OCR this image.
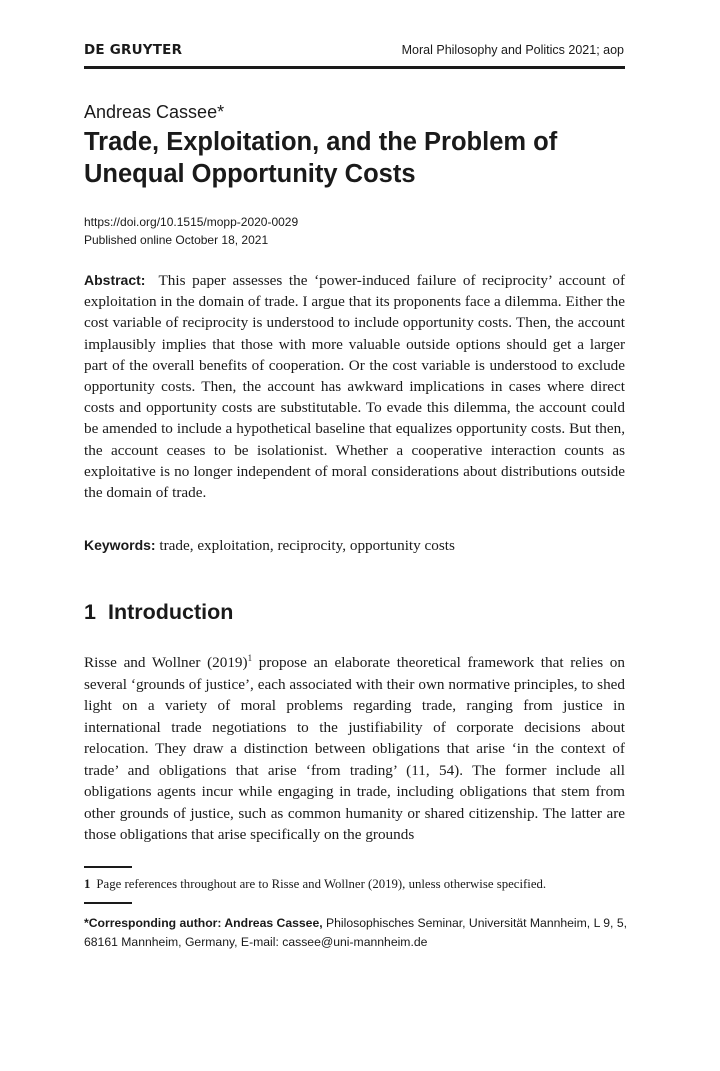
DE GRUYTER	Moral Philosophy and Politics 2021; aop
Andreas Cassee*
Trade, Exploitation, and the Problem of Unequal Opportunity Costs
https://doi.org/10.1515/mopp-2020-0029
Published online October 18, 2021
Abstract: This paper assesses the ‘power-induced failure of reciprocity’ account of exploitation in the domain of trade. I argue that its proponents face a dilemma. Either the cost variable of reciprocity is understood to include opportunity costs. Then, the account implausibly implies that those with more valuable outside options should get a larger part of the overall benefits of cooperation. Or the cost variable is understood to exclude opportunity costs. Then, the account has awkward implications in cases where direct costs and opportunity costs are substitutable. To evade this dilemma, the account could be amended to include a hypothetical baseline that equalizes opportunity costs. But then, the account ceases to be isolationist. Whether a cooperative interaction counts as exploitative is no longer independent of moral considerations about distributions outside the domain of trade.
Keywords: trade, exploitation, reciprocity, opportunity costs
1 Introduction
Risse and Wollner $(2019)^1$ propose an elaborate theoretical framework that relies on several ‘grounds of justice’, each associated with their own normative principles, to shed light on a variety of moral problems regarding trade, ranging from justice in international trade negotiations to the justifiability of corporate decisions about relocation. They draw a distinction between obligations that arise ‘in the context of trade’ and obligations that arise ‘from trading’ (11, 54). The former include all obligations agents incur while engaging in trade, including obligations that stem from other grounds of justice, such as common humanity or shared citizenship. The latter are those obligations that arise specifically on the grounds
1 Page references throughout are to Risse and Wollner (2019), unless otherwise specified.
*Corresponding author: Andreas Cassee, Philosophisches Seminar, Universität Mannheim, L 9, 5, 68161 Mannheim, Germany, E-mail: cassee@uni-mannheim.de
